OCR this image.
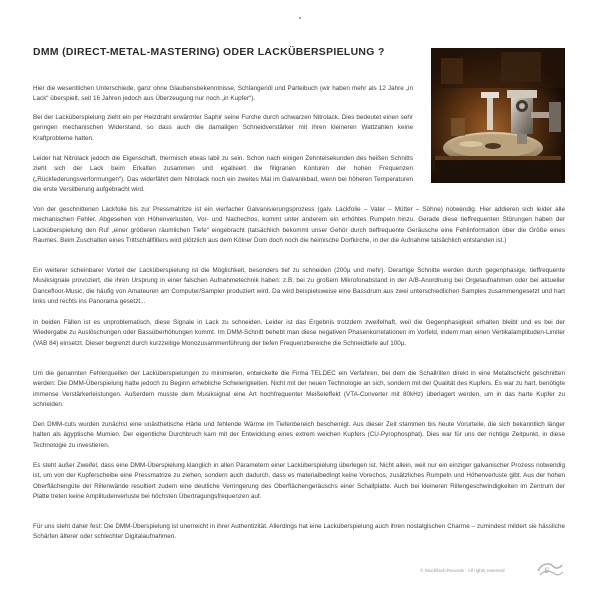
DMM (DIRECT-METAL-MASTERING) ODER LACKÜBERSPIELUNG ?

Hier die wesentlichen Unterschiede, ganz ohne Glaubensbekenntnisse, Schlangenöl und Parteibuch (wir haben mehr als 12 Jahre „in Lack“ überspielt, seit 16 Jahren jedoch aus Überzeugung nur noch „in Kupfer“).

Bei der Lacküberspielung zieht ein per Heizdraht erwärmter Saphir seine Furche durch schwarzen Nitrolack. Dies bedeutet einen sehr geringen mechanischen Widerstand, so dass auch die damaligen Schneidverstärker mit ihren kleineren Wattzahlen keine Kraftprobleme hatten.

Leider hat Nitrolack jedoch die Eigenschaft, thermisch etwas labil zu sein. Schon nach einigen Zehntelsekunden des heißen Schnitts zieht sich der Lack beim Erkalten zusammen und egalisiert die filigranen Konturen der hohen Frequenzen („Rückfederungsverformungen“). Das widerfährt dem Nitrolack noch ein zweites Mal im Galvanikbad, wenn bei höheren Temperaturen die erste Versilberung aufgebracht wird.

Von der geschnittenen Lackfolie bis zur Pressmatritze ist ein vierfacher Galvanisierungsprozess (galv. Lackfolie – Vater – Mütter – Söhne) notwendig. Hier addieren sich leider alle mechanischen Fehler. Abgesehen von Höhenverlusten, Vor- und Nachechos, kommt unter anderem ein erhöhtes Rumpeln hinzu. Gerade diese tieffrequenten Störungen haben der Lacküberspielung den Ruf „einer größeren räumlichen Tiefe“ eingebracht (tatsächlich bekommt unser Gehör durch tieffrequente Geräusche eine Fehlinformation über die Größe eines Raumes. Beim Zuschalten eines Trittschallfilters wird plötzlich aus dem Kölner Dom doch noch die heimische Dorfkirche, in der die Aufnahme tatsächlich entstanden ist.)

Ein weiterer scheinbarer Vorteil der Lacküberspielung ist die Möglichkeit, besonders tief zu schneiden (200µ und mehr). Derartige Schnitte werden durch gegenphasige, tieffrequente Musiksignale provoziert, die ihren Ursprung in einer falschen Aufnahmetechnik haben: z.B. bei zu großem Mikrofonabstand in der A/B-Anordnung bei Orgelaufnahmen oder bei aktueller Dancefloor-Music, die häufig von Amateuren am Computer/Sampler produziert wird. Da wird beispielsweise eine Bassdrum aus zwei unterschiedlichen Samples zusammengesetzt und hart links und rechts ins Panorama gesetzt...

In beiden Fällen ist es unproblematisch, diese Signale in Lack zu schneiden. Leider ist das Ergebnis trotzdem zweifelhaft, weil die Gegenphasigkeit erhalten bleibt und es bei der Wiedergabe zu Auslöschungen oder Bassüberhöhungen kommt. Im DMM-Schnitt behebt man diese negativen Phasenkorrelationen im Vorfeld, indem man einen Vertikalamplituden-Limiter (VAB 84) einsetzt. Dieser begrenzt durch kurzzeitige Monozusammenführung der tiefen Frequenzbereiche die Schneidtiefe auf 100µ.

Um die genannten Fehlerquellen der Lacküberspielungen zu minimieren, entwickelte die Firma TELDEC ein Verfahren, bei dem die Schallrillen direkt in eine Metallschicht geschnitten werden: Die DMM-Überspielung hatte jedoch zu Beginn erhebliche Schwierigkeiten. Nicht mit der neuen Technologie an sich, sondern mit der Qualität des Kupfers. Es war zu hart, benötigte immense Verstärkerleistungen. Außerdem musste dem Musiksignal eine Art hochfrequenter Meißeleffekt (VTA-Converter mit 80kHz) überlagert werden, um in das harte Kupfer zu schneiden.

Den DMM-cuts wurden zunächst eine unästhetische Härte und fehlende Wärme im Tiefenbereich bescheinigt. Aus dieser Zeit stammen bis heute Vorurteile, die sich bekanntlich länger halten als ägyptische Mumien. Der eigentliche Durchbruch kam mit der Entwicklung eines extrem weichen Kupfers (CU-Pyrophosphat). Dies war für uns der richtige Zeitpunkt, in diese Technologie zu investieren.

Es steht außer Zweifel, dass eine DMM-Überspielung klanglich in allen Parametern einer Lacküberspielung überlegen ist. Nicht allein, weil nur ein einziger galvanischer Prozess notwendig ist, um von der Kupferscheibe eine Pressmatrize zu ziehen, sondern auch dadurch, dass es materialbedingt keine Vorechos, zusätzliches Rumpeln und Höhenverluste gibt. Aus der hohen Oberflächengüte der Rillenwände resultiert zudem eine deutliche Verringerung des Oberflächengeräuschs einer Schallplatte. Auch bei kleineren Rillengeschwindigkeiten im Zentrum der Platte treten keine Amplitudenverluste bei höchsten Übertragungsfrequenzen auf.

Für uns steht daher fest: Die DMM-Überspielung ist unerreicht in ihrer Authentizität. Allerdings hat eine Lacküberspielung auch ihren nostalgischen Charme – zumindest mildert sie hässliche Schärfen älterer oder schlechter Digitalaufnahmen.

© Stockfisch Records · All rights reserved	s
